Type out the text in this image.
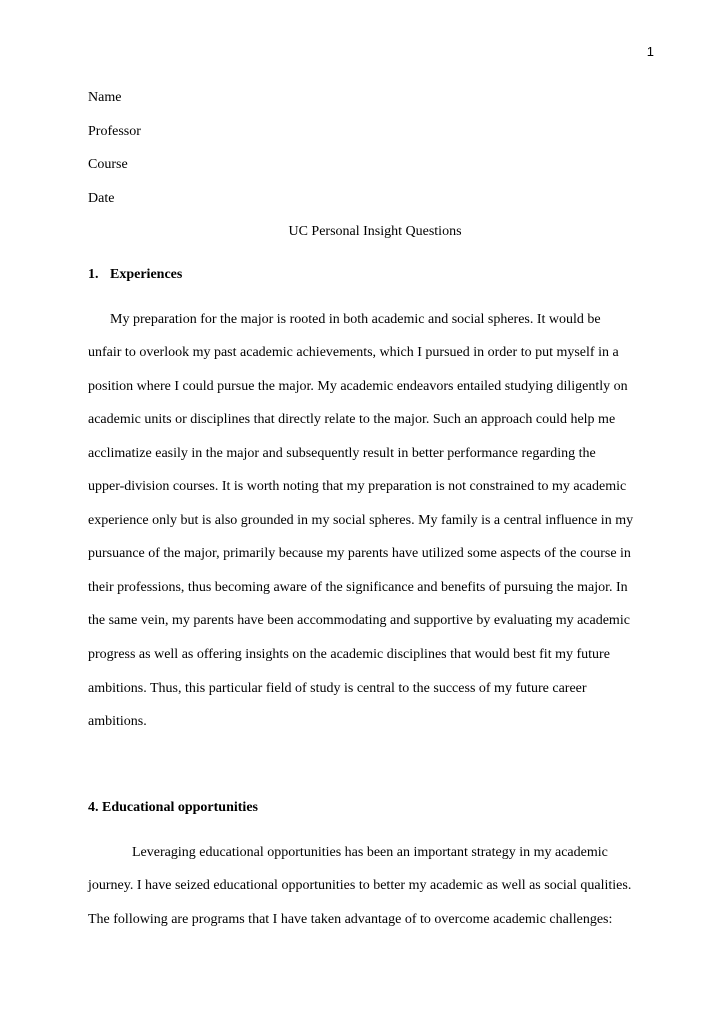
1
Name
Professor
Course
Date
UC Personal Insight Questions
1. Experiences
My preparation for the major is rooted in both academic and social spheres. It would be
unfair to overlook my past academic achievements, which I pursued in order to put myself in a
position where I could pursue the major. My academic endeavors entailed studying diligently on
academic units or disciplines that directly relate to the major. Such an approach could help me
acclimatize easily in the major and subsequently result in better performance regarding the
upper-division courses. It is worth noting that my preparation is not constrained to my academic
experience only but is also grounded in my social spheres. My family is a central influence in my
pursuance of the major, primarily because my parents have utilized some aspects of the course in
their professions, thus becoming aware of the significance and benefits of pursuing the major. In
the same vein, my parents have been accommodating and supportive by evaluating my academic
progress as well as offering insights on the academic disciplines that would best fit my future
ambitions. Thus, this particular field of study is central to the success of my future career
ambitions.
4. Educational opportunities
Leveraging educational opportunities has been an important strategy in my academic
journey. I have seized educational opportunities to better my academic as well as social qualities.
The following are programs that I have taken advantage of to overcome academic challenges:
